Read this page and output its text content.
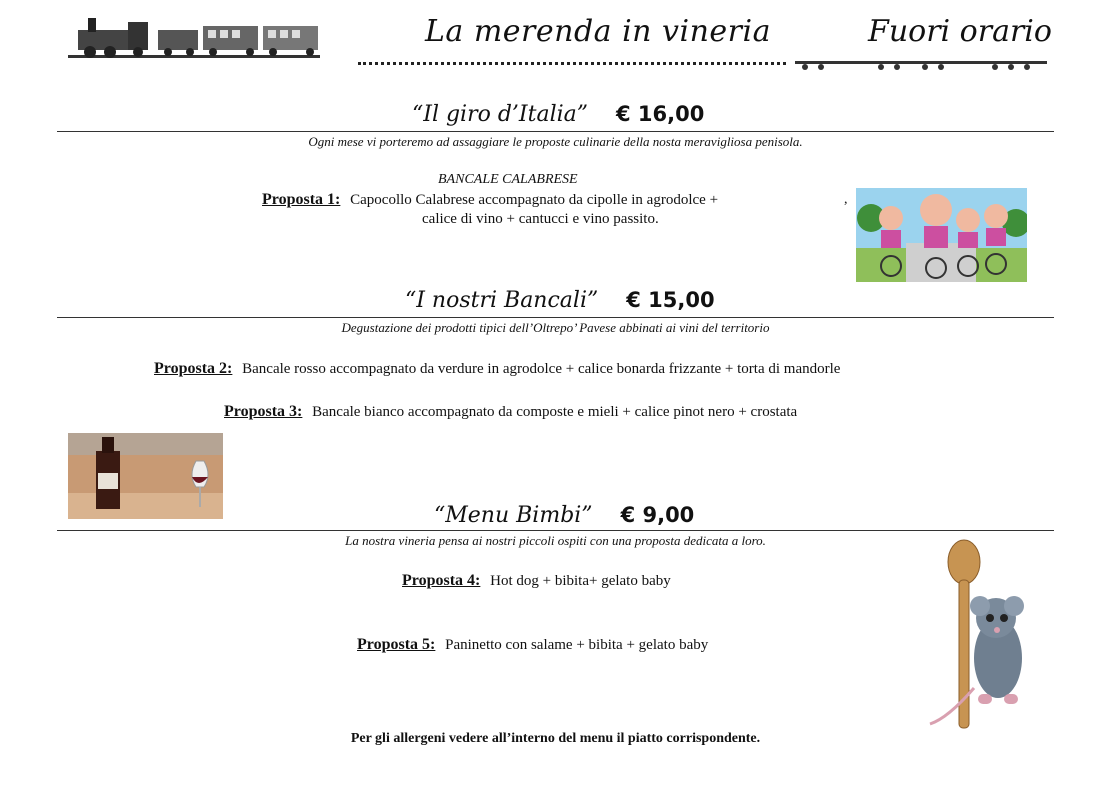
La merenda in vineria	Fuori orario
“Il giro d’Italia” € 16,00
Ogni mese vi porteremo ad assaggiare le proposte culinarie della nosta meravigliosa penisola.
BANCALE CALABRESE
Proposta 1: Capocollo Calabrese accompagnato da cipolle in agrodolce +
calice di vino + cantucci e vino passito.
,
“I nostri Bancali” € 15,00
Degustazione dei prodotti tipici dell’Oltrepo’ Pavese abbinati ai vini del territorio
Proposta 2: Bancale rosso accompagnato da verdure in agrodolce + calice bonarda frizzante + torta di mandorle
Proposta 3: Bancale bianco accompagnato da composte e mieli + calice pinot nero + crostata
“Menu Bimbi” € 9,00
La nostra vineria pensa ai nostri piccoli ospiti con una proposta dedicata a loro.
Proposta 4: Hot dog + bibita+ gelato baby
Proposta 5: Paninetto con salame + bibita + gelato baby
Per gli allergeni vedere all’interno del menu il piatto corrispondente.
